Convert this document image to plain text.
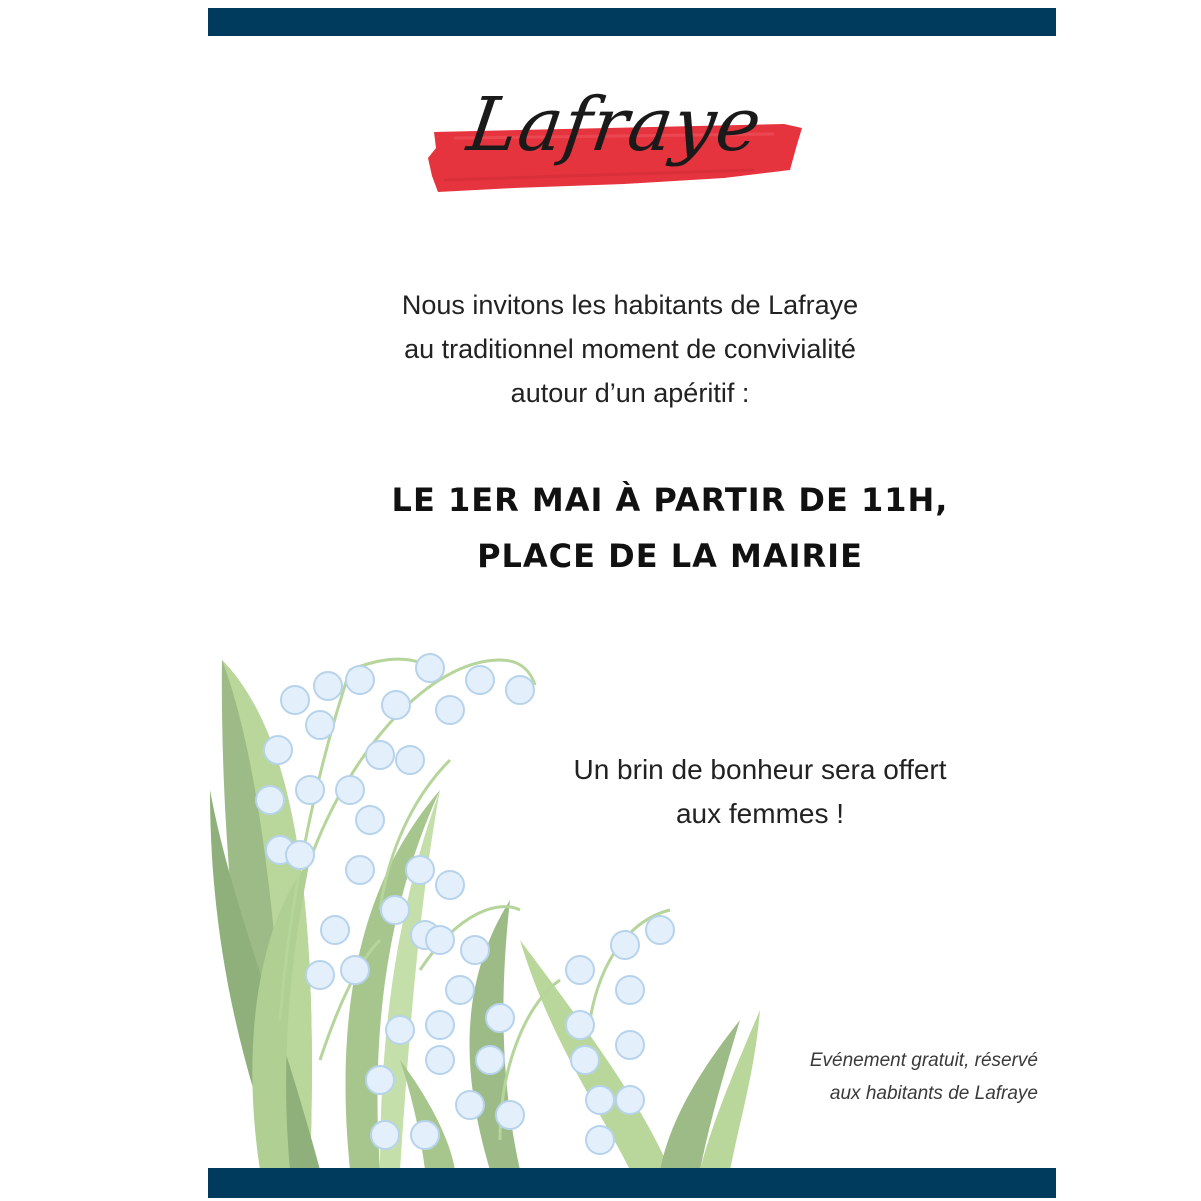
Lafraye
Nous invitons les habitants de Lafraye
au traditionnel moment de convivialité
autour d’un apéritif :
LE 1ER MAI À PARTIR DE 11H,
PLACE DE LA MAIRIE
Un brin de bonheur sera offert
aux femmes !
Evénement gratuit, réservé
aux habitants de Lafraye
